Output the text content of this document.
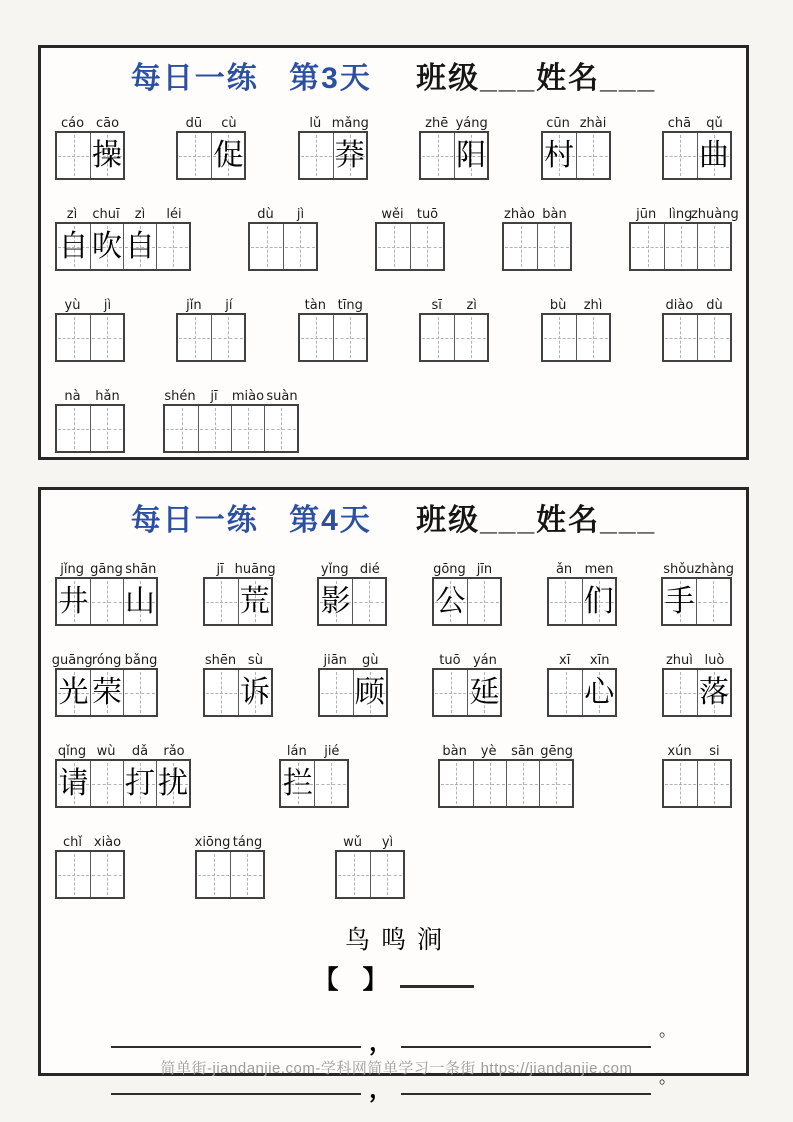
每日一练 第3天 班级___姓名___
cáo cāo
操
dū	cù
促
lǔ mǎng
莽
zhē yáng
阳
cūn zhài
村
chā	qǔ
曲
zì	chuī	zì	léi
自 吹 自
dù	jì	wěi	tuō	zhào bàn	jūn lìng
zhuàng
yù	jì	jǐn	jí	tàn tīng	sī	zì	bù	zhì	diào dù
nà	hǎn	shén	jī	miào suàn
每日一练 第4天 班级___姓名___
jǐng gāng shān
井 山
jī huāng
荒
yǐng dié
影
gōng jīn
公
ǎn men
们
shǒu zhàng
手
guāng róng bǎng
光 荣
shēn sù
诉
jiān	gù
顾
tuō yán
延
xī	xīn
心
zhuì luò
落
qǐng wù	dǎ	rǎo
请 打 扰
lán	jié
拦
bàn	yè	sān gēng	xún	si
chǐ xiào	xiōng táng	wǔ	yì
鸟鸣涧
【 】
，	。
，	。
简单街-jiandanjie.com-学科网简单学习一条街 https://jiandanjie.com
